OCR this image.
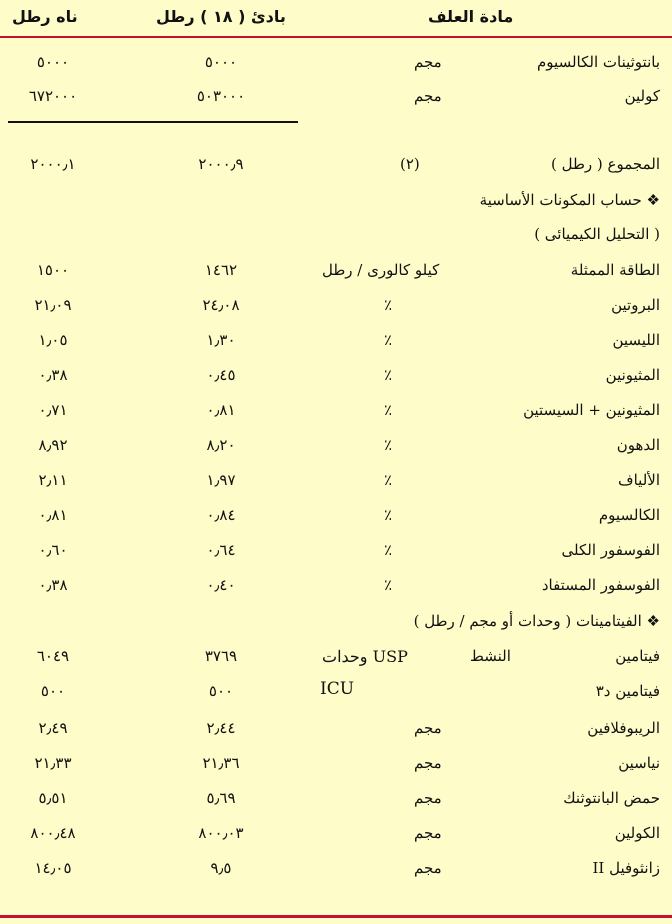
مادة العلف
بادئ ( ١٨ ) رطل
ناه رطل
بانتوثينات الكالسيوم
مجم
٥٠٠٠
٥٠٠٠
كولين
مجم
٥٠٣٠٠٠
٦٧٢٠٠٠
المجموع ( رطل )
(٢)
٢٠٠٠٫٩
٢٠٠٠٫١
❖ حساب المكونات الأساسية
( التحليل الكيميائى )
الطاقة الممثلة
كيلو كالورى / رطل
١٤٦٢
١٥٠٠
البروتين
٪
٢٤٫٠٨
٢١٫٠٩
الليسين
٪
١٫٣٠
١٫٠٥
المثيونين
٪
٠٫٤٥
٠٫٣٨
المثيونين + السيستين
٪
٠٫٨١
٠٫٧١
الدهون
٪
٨٫٢٠
٨٫٩٢
الألياف
٪
١٫٩٧
٢٫١١
الكالسيوم
٪
٠٫٨٤
٠٫٨١
الفوسفور الكلى
٪
٠٫٦٤
٠٫٦٠
الفوسفور المستفاد
٪
٠٫٤٠
٠٫٣٨
❖ الفيتامينات ( وحدات أو مجم / رطل )
فيتامين
النشط
وحدات USP
٣٧٦٩
٦٠٤٩
فيتامين د٣
ICU
٥٠٠
٥٠٠
الريبوفلافين
مجم
٢٫٤٤
٢٫٤٩
نياسين
مجم
٢١٫٣٦
٢١٫٣٣
حمض البانتوثنك
مجم
٥٫٦٩
٥٫٥١
الكولين
مجم
٨٠٠٫٠٣
٨٠٠٫٤٨
زانثوفيل II
مجم
٩٫٥
١٤٫٠٥
